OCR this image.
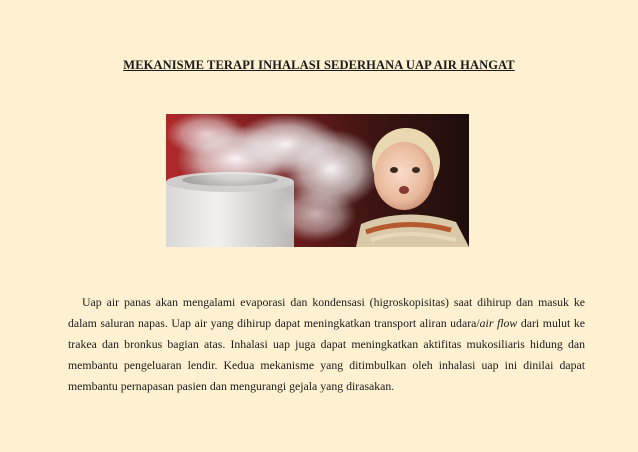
MEKANISME TERAPI INHALASI SEDERHANA UAP AIR HANGAT

Uap air panas akan mengalami evaporasi dan kondensasi (higroskopisitas) saat dihirup dan masuk ke dalam saluran napas. Uap air yang dihirup dapat meningkatkan transport aliran udara/air flow dari mulut ke trakea dan bronkus bagian atas. Inhalasi uap juga dapat meningkatkan aktifitas mukosiliaris hidung dan membantu pengeluaran lendir. Kedua mekanisme yang ditimbulkan oleh inhalasi uap ini dinilai dapat membantu pernapasan pasien dan mengurangi gejala yang dirasakan.
